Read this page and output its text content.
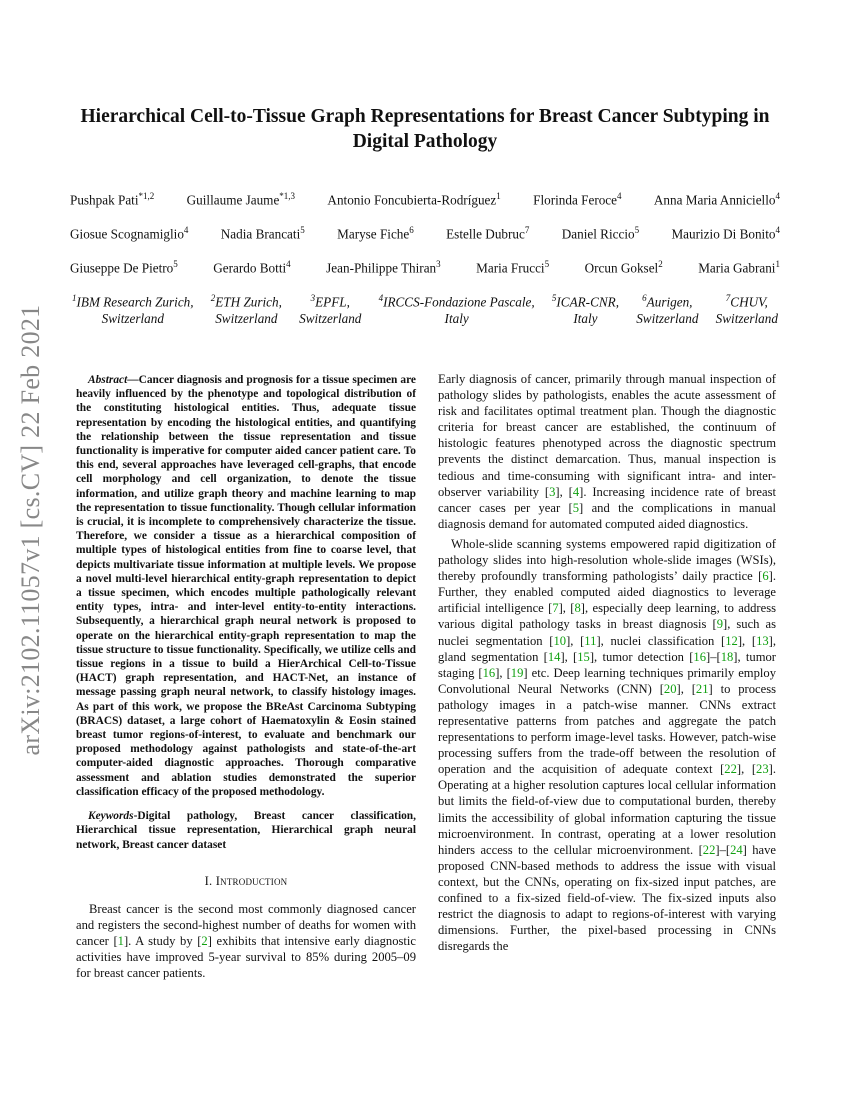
arXiv:2102.11057v1 [cs.CV] 22 Feb 2021
Hierarchical Cell-to-Tissue Graph Representations for Breast Cancer Subtyping in Digital Pathology
Pushpak Pati$^{*1,2}$ Guillaume Jaume$^{*1,3}$ Antonio Foncubierta-Rodríguez$^1$ Florinda Feroce$^4$ Anna Maria Anniciello$^4$
Giosue Scognamiglio$^4$ Nadia Brancati$^5$ Maryse Fiche$^6$ Estelle Dubruc$^7$ Daniel Riccio$^5$ Maurizio Di Bonito$^4$
Giuseppe De Pietro$^5$	Gerardo Botti$^4$	Jean-Philippe Thiran$^3$	Maria Frucci$^5$	Orcun Goksel$^2$	Maria Gabrani$^1$
$^1$IBM Research Zurich,
Switzerland
$^2$ETH Zurich,
Switzerland
$^3$EPFL,
Switzerland
$^4$IRCCS-Fondazione Pascale,
Italy
$^5$ICAR-CNR,
Italy
$^6$Aurigen,
Switzerland
$^7$CHUV,
Switzerland

Abstract—Cancer diagnosis and prognosis for a tissue specimen are heavily influenced by the phenotype and topological distribution of the constituting histological entities. Thus, adequate tissue representation by encoding the histological entities, and quantifying the relationship between the tissue representation and tissue functionality is imperative for computer aided cancer patient care. To this end, several approaches have leveraged cell-graphs, that encode cell morphology and cell organization, to denote the tissue information, and utilize graph theory and machine learning to map the representation to tissue functionality. Though cellular information is crucial, it is incomplete to comprehensively characterize the tissue. Therefore, we consider a tissue as a hierarchical composition of multiple types of histological entities from fine to coarse level, that depicts multivariate tissue information at multiple levels. We propose a novel multi-level hierarchical entity-graph representation to depict a tissue specimen, which encodes multiple pathologically relevant entity types, intra- and inter-level entity-to-entity interactions. Subsequently, a hierarchical graph neural network is proposed to operate on the hierarchical entity-graph representation to map the tissue structure to tissue functionality. Specifically, we utilize cells and tissue regions in a tissue to build a HierArchical Cell-to-Tissue (HACT) graph representation, and HACT-Net, an instance of message passing graph neural network, to classify histology images. As part of this work, we propose the BReAst Carcinoma Subtyping (BRACS) dataset, a large cohort of Haematoxylin & Eosin stained breast tumor regions-of-interest, to evaluate and benchmark our proposed methodology against pathologists and state-of-the-art computer-aided diagnostic approaches. Thorough comparative assessment and ablation studies demonstrated the superior classification efficacy of the proposed methodology.

Keywords-Digital pathology, Breast cancer classification, Hierarchical tissue representation, Hierarchical graph neural network, Breast cancer dataset

I. Introduction

Breast cancer is the second most commonly diagnosed cancer and registers the second-highest number of deaths for women with cancer [1]. A study by [2] exhibits that intensive early diagnostic activities have improved 5-year survival to 85% during 2005–09 for breast cancer patients.

Early diagnosis of cancer, primarily through manual inspection of pathology slides by pathologists, enables the acute assessment of risk and facilitates optimal treatment plan. Though the diagnostic criteria for breast cancer are established, the continuum of histologic features phenotyped across the diagnostic spectrum prevents the distinct demarcation. Thus, manual inspection is tedious and time-consuming with significant intra- and inter-observer variability [3], [4]. Increasing incidence rate of breast cancer cases per year [5] and the complications in manual diagnosis demand for automated computed aided diagnostics.

Whole-slide scanning systems empowered rapid digitization of pathology slides into high-resolution whole-slide images (WSIs), thereby profoundly transforming pathologists’ daily practice [6]. Further, they enabled computed aided diagnostics to leverage artificial intelligence [7], [8], especially deep learning, to address various digital pathology tasks in breast diagnosis [9], such as nuclei segmentation [10], [11], nuclei classification [12], [13], gland segmentation [14], [15], tumor detection [16]–[18], tumor staging [16], [19] etc. Deep learning techniques primarily employ Convolutional Neural Networks (CNN) [20], [21] to process pathology images in a patch-wise manner. CNNs extract representative patterns from patches and aggregate the patch representations to perform image-level tasks. However, patch-wise processing suffers from the trade-off between the resolution of operation and the acquisition of adequate context [22], [23]. Operating at a higher resolution captures local cellular information but limits the field-of-view due to computational burden, thereby limits the accessibility of global information capturing the tissue microenvironment. In contrast, operating at a lower resolution hinders access to the cellular microenvironment. [22]–[24] have proposed CNN-based methods to address the issue with visual context, but the CNNs, operating on fix-sized input patches, are confined to a fix-sized field-of-view. The fix-sized inputs also restrict the diagnosis to adapt to regions-of-interest with varying dimensions. Further, the pixel-based processing in CNNs disregards the
